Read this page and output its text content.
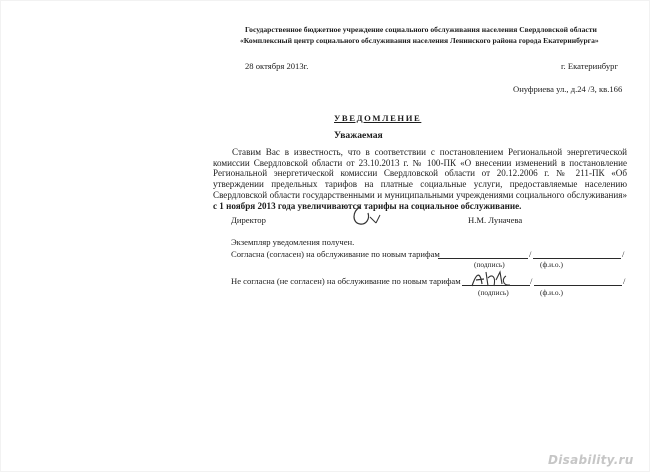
Государственное бюджетное учреждение социального обслуживания населения Свердловской области
«Комплексный центр социального обслуживания населения Ленинского района города Екатеринбурга»
28 октября 2013г.	г. Екатеринбург
Онуфриева ул., д.24 /3, кв.166
УВЕДОМЛЕНИЕ
Уважаемая
Ставим Вас в известность, что в соответствии с постановлением Региональной энергетической комиссии Свердловской области от 23.10.2013 г. № 100-ПК «О внесении изменений в постановление Региональной энергетической комиссии Свердловской области от 20.12.2006 г. № 211-ПК «Об утверждении предельных тарифов на платные социальные услуги, предоставляемые населению Свердловской области государственными и муниципальными учреждениями социального обслуживания» с 1 ноября 2013 года увеличиваются тарифы на социальное обслуживание.
Директор	Н.М. Луначева
Экземпляр уведомления получен.
Согласна (согласен) на обслуживание по новым тарифам	/	/
(подпись)	(ф.и.о.)
Не согласна (не согласен) на обслуживание по новым тарифам	/	/
(подпись)	(ф.и.о.)
Disability.ru
